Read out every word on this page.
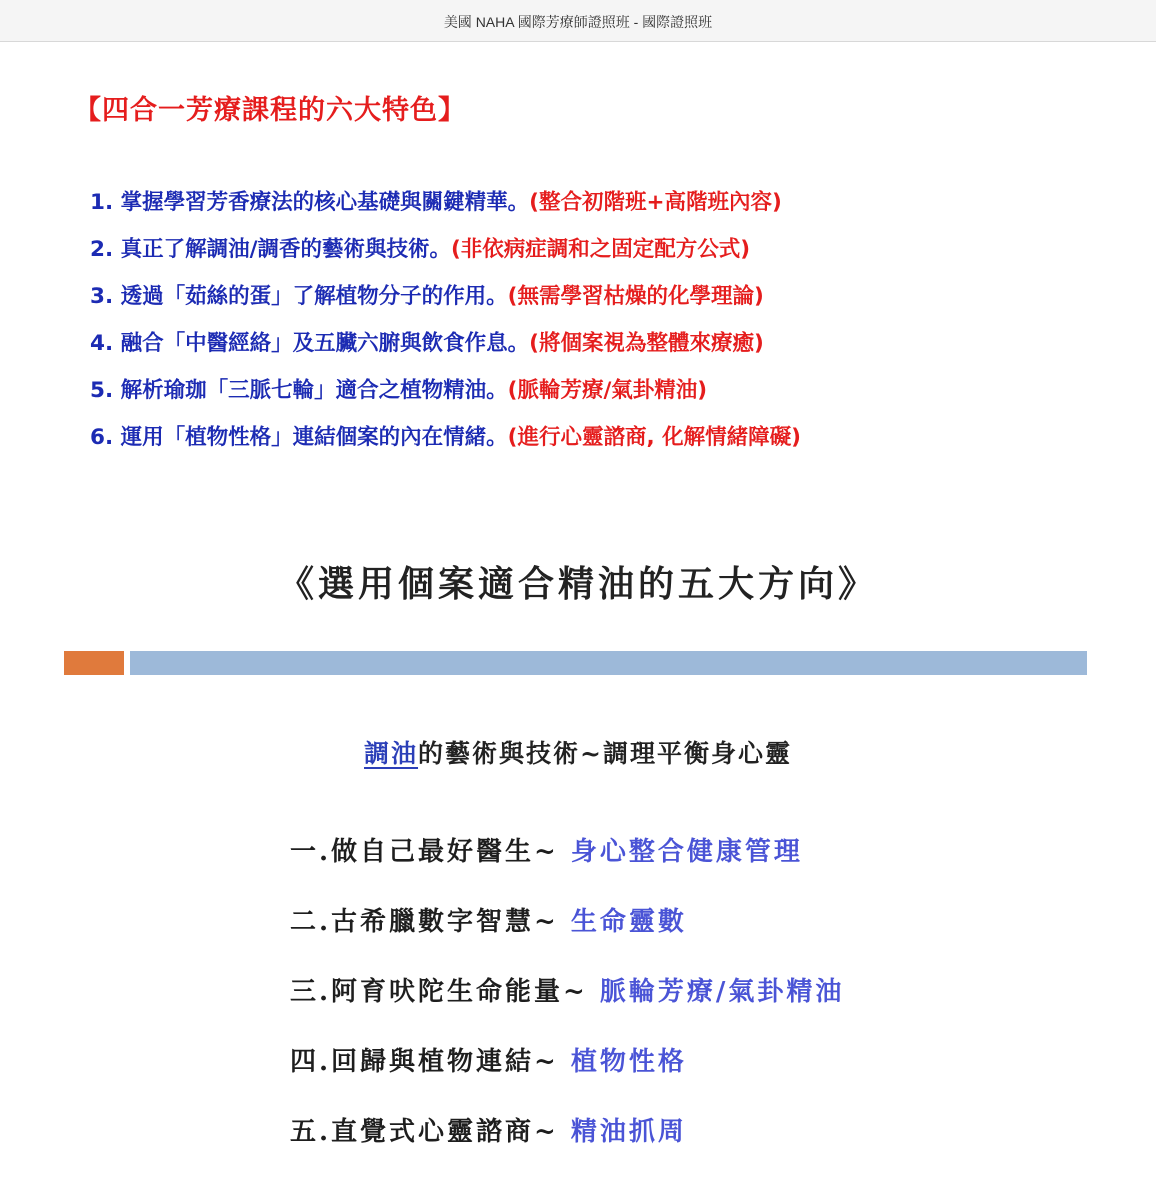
美國 NAHA 國際芳療師證照班 - 國際證照班
【四合一芳療課程的六大特色】
1. 掌握學習芳香療法的核心基礎與關鍵精華。(整合初階班+高階班內容)
2. 真正了解調油/調香的藝術與技術。(非依病症調和之固定配方公式)
3. 透過「茹絲的蛋」了解植物分子的作用。(無需學習枯燥的化學理論)
4. 融合「中醫經絡」及五臟六腑與飲食作息。(將個案視為整體來療癒)
5. 解析瑜珈「三脈七輪」適合之植物精油。(脈輪芳療/氣卦精油)
6. 運用「植物性格」連結個案的內在情緒。(進行心靈諮商, 化解情緒障礙)
《選用個案適合精油的五大方向》
調油的藝術與技術~調理平衡身心靈
一.做自己最好醫生~ 身心整合健康管理
二.古希臘數字智慧~ 生命靈數
三.阿育吠陀生命能量~ 脈輪芳療/氣卦精油
四.回歸與植物連結~ 植物性格
五.直覺式心靈諮商~ 精油抓周
